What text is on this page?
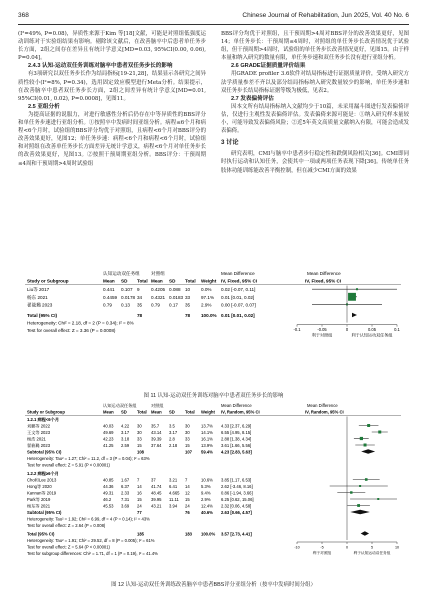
368	Chinese Journal of Rehabilitation, Jun 2025, Vol. 40 No. 6

(I²=49%, P=0.08)，异质性来源于Kim 等[18]文献，可能是对照组低强度运动训练对于实验组结果有影响。剔除该文献后，在改善脑卒中后患者单任务步长方面，2组之间存在差异且有统计学意义[MD=0.03, 95%CI(0.00, 0.06), P=0.04]。

2.4.3 认知-运动双任务训练对脑卒中患者双任务步长的影响

有3项研究以双任务步长作为结局指标[19-21,28]，结果显示各研究之间异质性较小(I²=8%, P=0.34)，选用固定效应模型进行Meta分析。结果提示，在改善脑卒中患者双任务步长方面，2组之间差异有统计学意义[MD=0.01, 95%CI(0.01, 0.02), P=0.0008]，见图11。

2.5 亚组分析

为提高证据的说服力，对进行敏感性分析后仍存在中等异质性的BBS评分和单任务步速进行亚组分析。①按照卒中发病时间亚组分析。病程≤6个月和病程<6个月时，试验组的BBS评分均优于对照组，且病程<6个月对BBS评分的改善效果更好，见图12；单任务步速：病程<6个月和病程<6个月时，试验组和对照组在改善单任务步长方面差异无统计学意义，病程<6个月对单任务步长的改善效果更好，见图13。②按照干预周期亚组分析。BBS评分：干预周期≤4周和干预周期>4周时试验组

BBS评分均优于对照组，且干预周期>4周对BBS评分的改善效果更好，见图14；单任务步长：干预周期≤4周时，对照组的单任务步长改善情况优于试验组，但干预周期>4周时，试验组的单任务步长改善情况更好，见图15。由于样本量和纳入研究的数量有限，单任务步速和双任务步长没有进行亚组分析。

2.6 GRADE证据质量评价结果

用GRADE profiler 3.6软件对结局指标进行证据质量评价，受纳入研究方法学质量参差不齐以及部分结局指标纳入研究数量较少的影响，单任务步速和双任务步长结局指标证据等级为极低，见表2。

2.7 发表偏倚评估

因本文所有结局指标纳入文献均少于10篇，未采用漏斗图进行发表偏倚评估，仅进行主观性发表偏倚评估。发表偏倚来源可能是：①纳入研究样本量较小，可能导致发表偏倚风险；②近5年英文高质量文献纳入有限，可能会造成发表偏倚。

3 讨论

研究表明，CMI与脑卒中患者步行稳定性和跌倒风险相关[36]。CMI即同时执行运动和认知任务，会使其中一项或两项任务表现下降[36]。传统单任务肢体功能训练能改善平衡控制，但在减少CMI方面的效果

认知运动双任务组 对照组	Mean Difference	Mean Difference
Study or Subgroup	Mean SD Total Mean SD Total Weight IV, Fixed, 95% CI	IV, Fixed, 95% CI
Liu等 2017	0.441 0.107 9 0.4205 0.088 10 0.0% 0.02 [-0.07, 0.11]
杨东 2021	0.4459 0.0178 34 0.4321 0.0183 33 97.1% 0.01 [0.01, 0.02]
翟筱璐 2023	0.79 0.13 35 0.79 0.17 35 2.9% 0.00 [-0.07, 0.07]
Total (95% CI)	78	78 100.0% 0.01 [0.01, 0.02]
Heterogeneity: Chi² = 2.18, df = 2 (P = 0.34); I² = 8%
Test for overall effect: Z = 3.36 (P = 0.0008)	-0.1	-0.05	0	0.05	0.1
利于对照组	利于认知运动双任务组
图 11 认知-运动双任务训练对脑卒中患者双任务步长的影响
认知运动双任务组	对照组	Mean Difference	Mean Difference
Study or Subgroup	Mean SD Total Mean SD Total Weight IV, Random, 95% CI	IV, Random, 95% CI
1.2.1 病程<6个月
刘鹏等 2022	40.03 4.22 30 35.7 3.5 30	13.7% 4.33 [2.37, 6.29]
王文等 2023	49.69 3.17 30 43.14 3.17 30	14.1% 6.55 [4.95, 8.15]
杨浩 2021	42.23 3.18 33 39.39 2.8 33	16.1% 2.88 [1.38, 4.34]
翟筱璐 2023	41.25 2.59 15 37.64 2.18 15	13.9% 3.61 [1.66, 5.56]
Subtotal (95% CI)	108	107 59.4% 4.23 [2.83, 5.63]
Heterogeneity: Tau² = 1.27; Chi² = 11.2, df = 3 (P = 0.04); I² = 63%
Test for overall effect: Z = 5.91 (P < 0.00001)
1.2.2 病程≥6个月
Cho和Lee 2013	40.85 1.67 7	37	3.21 7	10.6% 3.85 [1.17, 6.53]
Hong等 2020	44.36 6.37 14 41.74 6.41 14	5.3% 2.62 [-3.46, 8.16]
Kannan等 2019	49.31 2.33 16 48.45 4.665 12	9.4% 0.86 [-1.94, 3.66]
Park等 2019	46.2 7.31 15 39.95 11.11 15	2.9% 6.25 [0.62, 15.06]
杨东等 2021	45.53 3.69 24 43.21 3.94 24	12.4% 2.32 [0.06, 4.58]
Subtotal (95% CI)	77	76	40.6% 2.63 [0.66, 4.57]
Heterogeneity: Tau² = 1.92; Chi² = 6.99, df = 4 (P = 0.14); I² = 43%
Test for overall effect: Z = 2.64 (P = 0.008)
Total (95% CI)	185	183 100.0% 3.57 [2.73, 4.41]
Heterogeneity: Tau² = 1.91; Chi² = 29.52, df = 8 (P = 0.005); I² = 61%
Test for overall effect: Z = 5.64 (P < 0.00001)
Test for subgroup differences: Chi² = 1.71, df = 1 (P = 0.19), I² = 41.4%
-10	-5	0	5	10
利于对照组	利于认知运动双任务组
图 12 认知-运动双任务训练改善脑卒中患者BBS评分亚组分析（按卒中发病时间分组）
